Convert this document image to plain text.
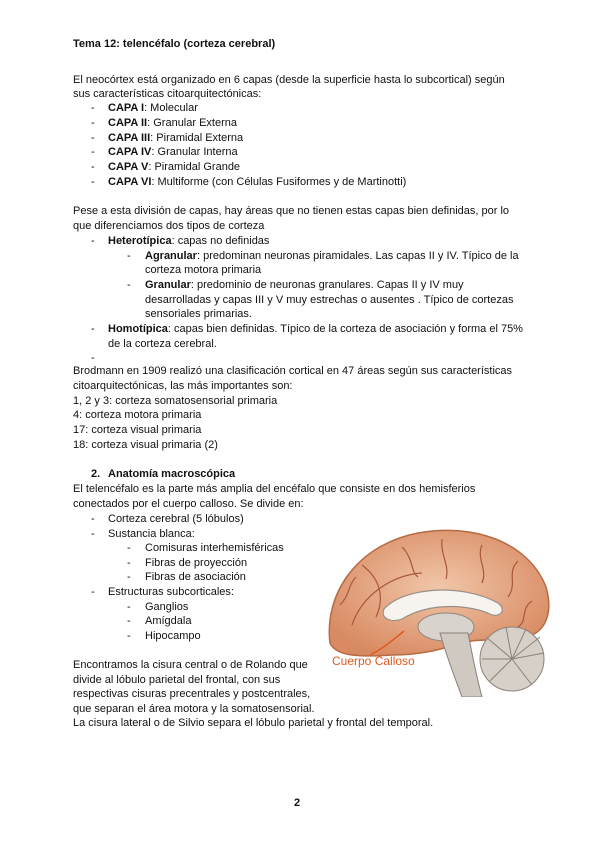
Tema 12: telencéfalo (corteza cerebral)
El neocórtex está organizado en 6 capas (desde la superficie hasta lo subcortical) según
sus características citoarquitectónicas:
- CAPA I: Molecular
- CAPA II: Granular Externa
- CAPA III: Piramidal Externa
- CAPA IV: Granular Interna
- CAPA V: Piramidal Grande
- CAPA VI: Multiforme (con Células Fusiformes y de Martinotti)
Pese a esta división de capas, hay áreas que no tienen estas capas bien definidas, por lo
que diferenciamos dos tipos de corteza
- Heterotípica: capas no definidas
- Agranular: predominan neuronas piramidales. Las capas II y IV. Típico de la
corteza motora primaria
- Granular: predominio de neuronas granulares. Capas II y IV muy
desarrolladas y capas III y V muy estrechas o ausentes . Típico de cortezas
sensoriales primarias.
- Homotípica: capas bien definidas. Típico de la corteza de asociación y forma el 75%
de la corteza cerebral.
-
Brodmann en 1909 realizó una clasificación cortical en 47 áreas según sus características
citoarquitectónicas, las más importantes son:
1, 2 y 3: corteza somatosensorial primaria
4: corteza motora primaria
17: corteza visual primaria
18: corteza visual primaria (2)
2. Anatomía macroscópica
El telencéfalo es la parte más amplia del encéfalo que consiste en dos hemisferios
conectados por el cuerpo calloso. Se divide en:
- Corteza cerebral (5 lóbulos)
- Sustancia blanca:
- Comisuras interhemisféricas
- Fibras de proyección
- Fibras de asociación
- Estructuras subcorticales:
- Ganglios
- Amígdala
- Hipocampo
Cuerpo Calloso
Encontramos la cisura central o de Rolando que
divide al lóbulo parietal del frontal, con sus
respectivas cisuras precentrales y postcentrales,
que separan el área motora y la somatosensorial.
La cisura lateral o de Silvio separa el lóbulo parietal y frontal del temporal.
2
